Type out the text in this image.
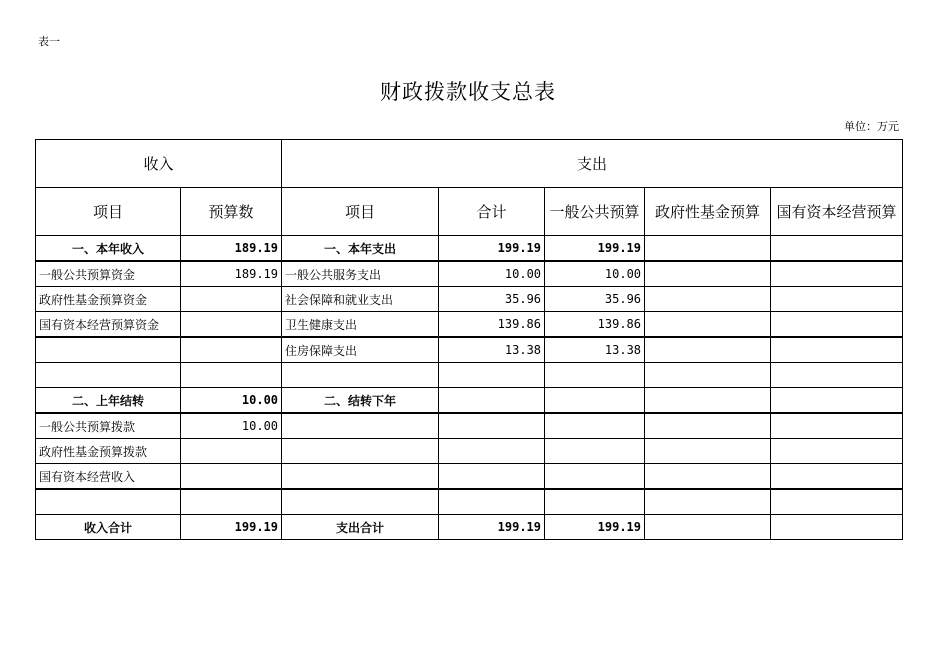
表一
财政拨款收支总表
单位：万元
收入		支出				
项目	预算数	项目	合计	一般公共预算	政府性基金预算	国有资本经营预算
一、本年收入	189.19	一、本年支出	199.19	199.19		
一般公共预算资金	189.19	一般公共服务支出	10.00	10.00		
政府性基金预算资金		社会保障和就业支出	35.96	35.96		
国有资本经营预算资金		卫生健康支出	139.86	139.86		
		住房保障支出	13.38	13.38		

二、上年结转	10.00	二、结转下年				
一般公共预算拨款	10.00					
政府性基金预算拨款						
国有资本经营收入						

收入合计	199.19	支出合计	199.19	199.19		
